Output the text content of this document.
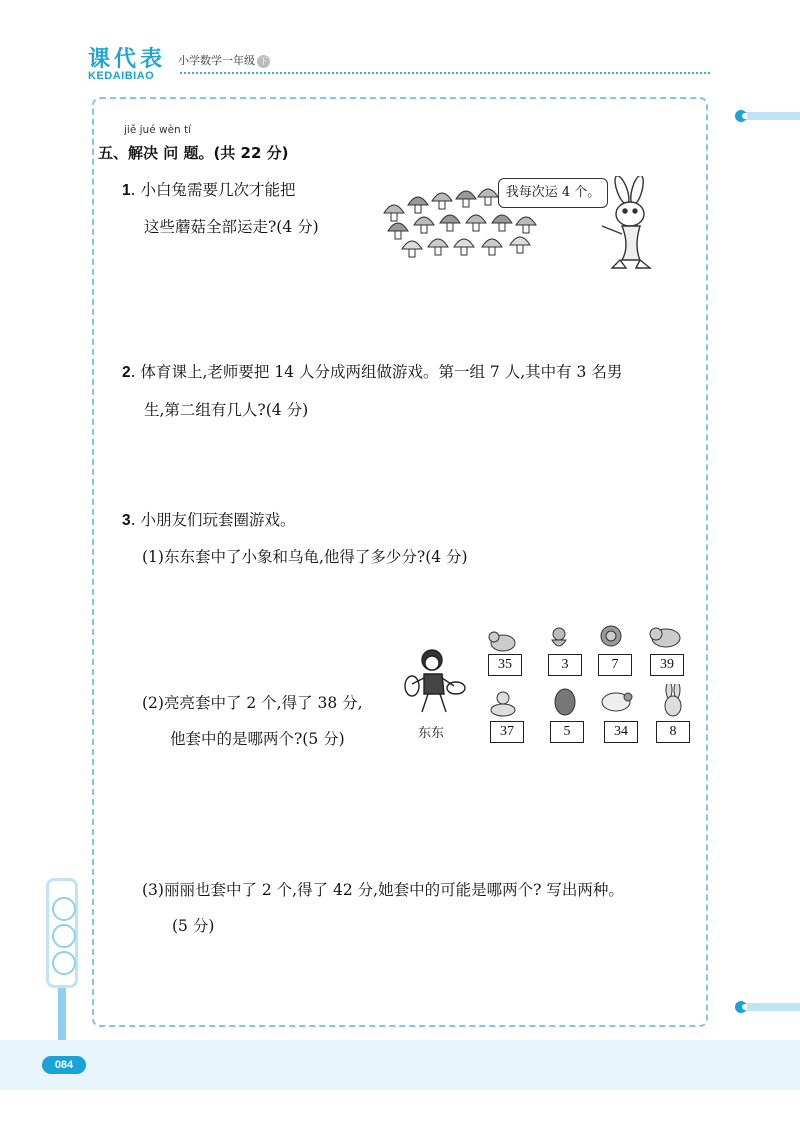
课代表
KEDAIBIAO
小学数学一年级 下
jiě jué wèn tí
五、解决 问 题。(共 22 分)
1. 小白兔需要几次才能把
这些蘑菇全部运走?(4 分)
我每次运 4 个。
2. 体育课上,老师要把 14 人分成两组做游戏。第一组 7 人,其中有 3 名男
生,第二组有几人?(4 分)
3. 小朋友们玩套圈游戏。
(1)东东套中了小象和乌龟,他得了多少分?(4 分)
(2)亮亮套中了 2 个,得了 38 分,
他套中的是哪两个?(5 分)	东东
35	3	7	39
37	5	34	8
(3)丽丽也套中了 2 个,得了 42 分,她套中的可能是哪两个? 写出两种。
(5 分)
084
